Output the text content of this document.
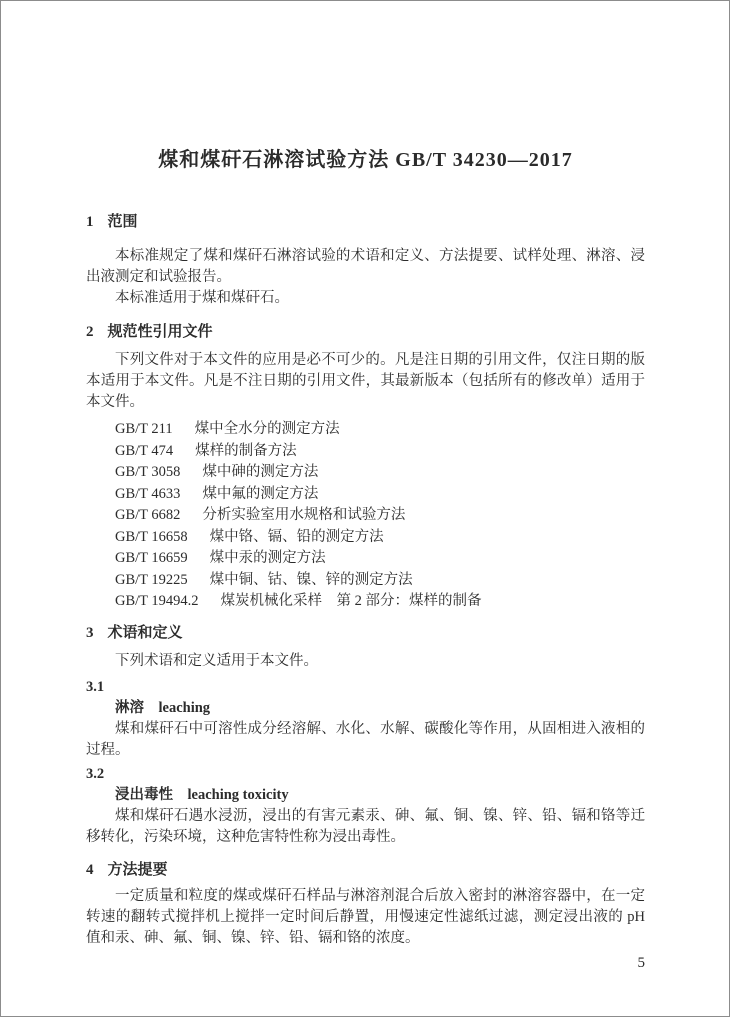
煤和煤矸石淋溶试验方法 GB/T 34230—2017
1 范围

本标准规定了煤和煤矸石淋溶试验的术语和定义、方法提要、试样处理、淋溶、浸出液测定和试验报告。

本标准适用于煤和煤矸石。

2 规范性引用文件

下列文件对于本文件的应用是必不可少的。凡是注日期的引用文件，仅注日期的版本适用于本文件。凡是不注日期的引用文件，其最新版本（包括所有的修改单）适用于本文件。

GB/T 211 煤中全水分的测定方法

GB/T 474 煤样的制备方法

GB/T 3058 煤中砷的测定方法

GB/T 4633 煤中氟的测定方法

GB/T 6682 分析实验室用水规格和试验方法

GB/T 16658 煤中铬、镉、铅的测定方法

GB/T 16659 煤中汞的测定方法

GB/T 19225 煤中铜、钴、镍、锌的测定方法

GB/T 19494.2 煤炭机械化采样　第 2 部分：煤样的制备

3 术语和定义

下列术语和定义适用于本文件。

3.1

淋溶 leaching

煤和煤矸石中可溶性成分经溶解、水化、水解、碳酸化等作用，从固相进入液相的过程。

3.2

浸出毒性 leaching toxicity

煤和煤矸石遇水浸沥，浸出的有害元素汞、砷、氟、铜、镍、锌、铅、镉和铬等迁移转化，污染环境，这种危害特性称为浸出毒性。

4 方法提要

一定质量和粒度的煤或煤矸石样品与淋溶剂混合后放入密封的淋溶容器中，在一定转速的翻转式搅拌机上搅拌一定时间后静置，用慢速定性滤纸过滤，测定浸出液的 pH 值和汞、砷、氟、铜、镍、锌、铅、镉和铬的浓度。

5
